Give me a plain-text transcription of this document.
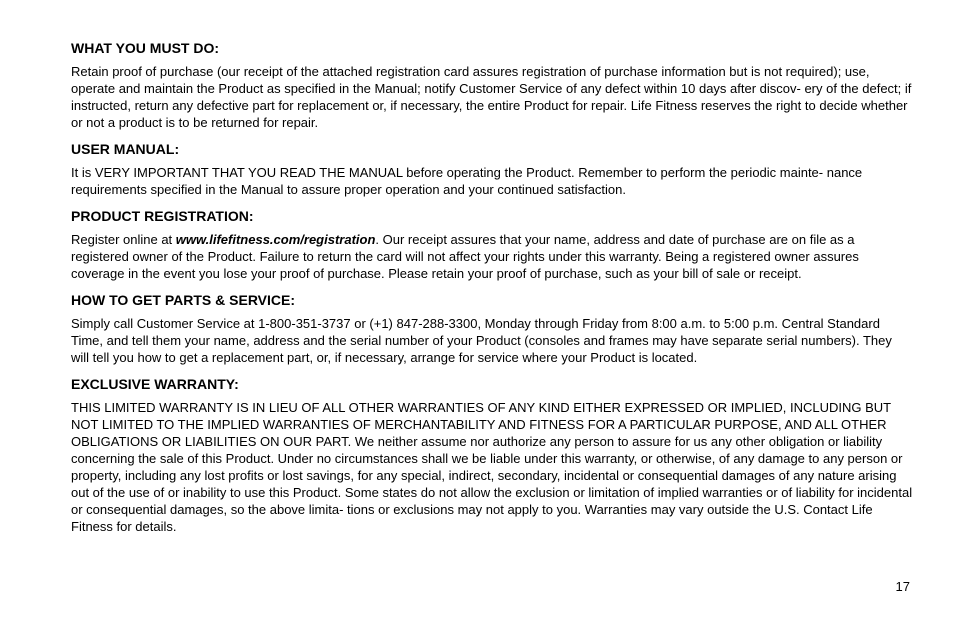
WHAT YOU MUST DO:

Retain proof of purchase (our receipt of the attached registration card assures registration of purchase information but is not required); use, operate and maintain the Product as specified in the Manual; notify Customer Service of any defect within 10 days after discov- ery of the defect; if instructed, return any defective part for replacement or, if necessary, the entire Product for repair. Life Fitness reserves the right to decide whether or not a product is to be returned for repair.

USER MANUAL:

It is VERY IMPORTANT THAT YOU READ THE MANUAL before operating the Product. Remember to perform the periodic mainte- nance requirements specified in the Manual to assure proper operation and your continued satisfaction.

PRODUCT REGISTRATION:

Register online at www.lifefitness.com/registration. Our receipt assures that your name, address and date of purchase are on file as a registered owner of the Product. Failure to return the card will not affect your rights under this warranty. Being a registered owner assures coverage in the event you lose your proof of purchase. Please retain your proof of purchase, such as your bill of sale or receipt.

HOW TO GET PARTS & SERVICE:

Simply call Customer Service at 1-800-351-3737 or (+1) 847-288-3300, Monday through Friday from 8:00 a.m. to 5:00 p.m. Central Standard Time, and tell them your name, address and the serial number of your Product (consoles and frames may have separate serial numbers). They will tell you how to get a replacement part, or, if necessary, arrange for service where your Product is located.

EXCLUSIVE WARRANTY:

THIS LIMITED WARRANTY IS IN LIEU OF ALL OTHER WARRANTIES OF ANY KIND EITHER EXPRESSED OR IMPLIED, INCLUDING BUT NOT LIMITED TO THE IMPLIED WARRANTIES OF MERCHANTABILITY AND FITNESS FOR A PARTICULAR PURPOSE, AND ALL OTHER OBLIGATIONS OR LIABILITIES ON OUR PART. We neither assume nor authorize any person to assure for us any other obligation or liability concerning the sale of this Product. Under no circumstances shall we be liable under this warranty, or otherwise, of any damage to any person or property, including any lost profits or lost savings, for any special, indirect, secondary, incidental or consequential damages of any nature arising out of the use of or inability to use this Product. Some states do not allow the exclusion or limitation of implied warranties or of liability for incidental or consequential damages, so the above limita- tions or exclusions may not apply to you. Warranties may vary outside the U.S. Contact Life Fitness for details.

17
